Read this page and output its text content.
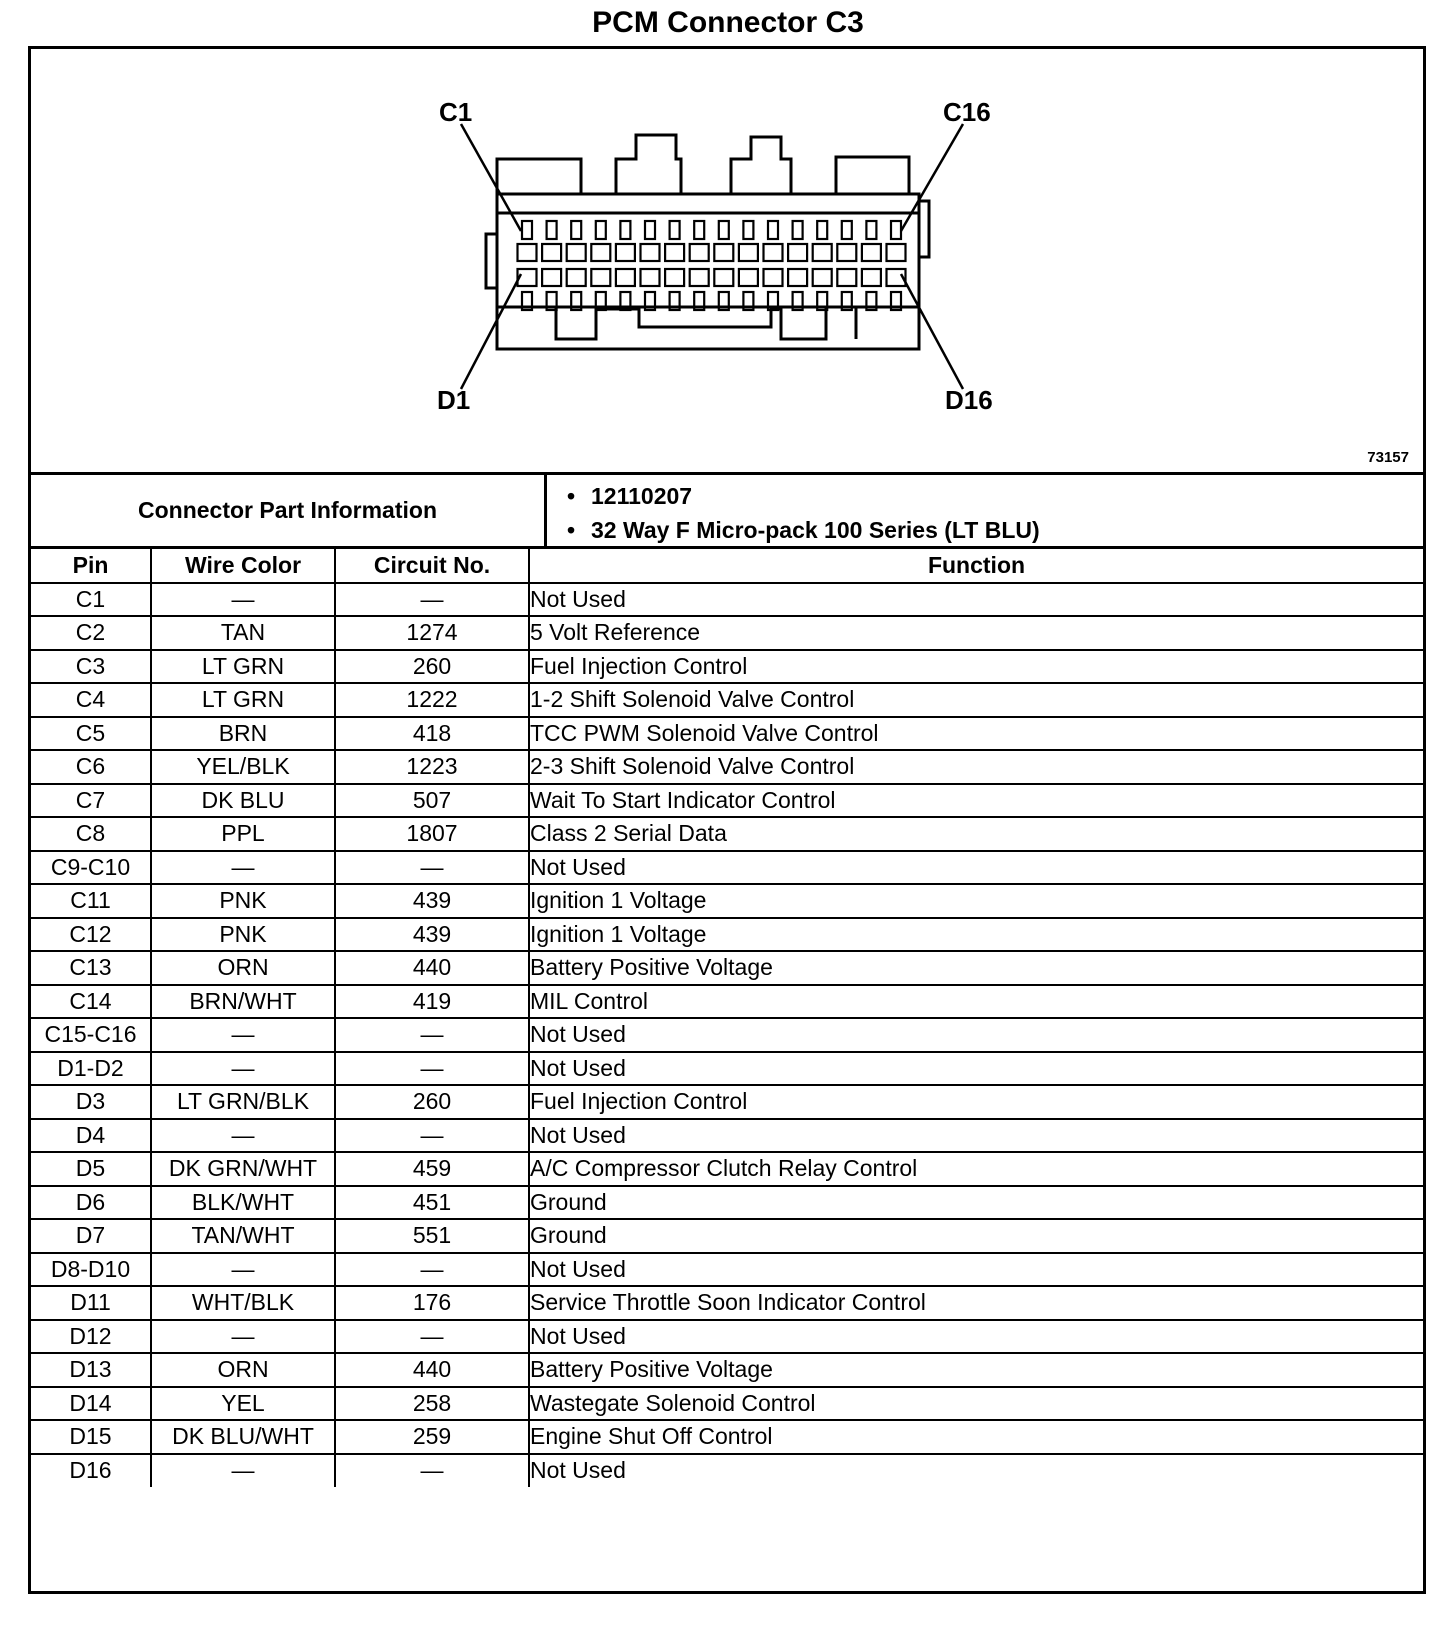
PCM Connector C3
C1	C16
D1	D16
73157
Connector Part Information
• 12110207
• 32 Way F Micro-pack 100 Series (LT BLU)
Pin	Wire Color	Circuit No.	Function
C1	—	—	Not Used
C2	TAN	1274	5 Volt Reference
C3	LT GRN	260	Fuel Injection Control
C4	LT GRN	1222	1-2 Shift Solenoid Valve Control
C5	BRN	418	TCC PWM Solenoid Valve Control
C6	YEL/BLK	1223	2-3 Shift Solenoid Valve Control
C7	DK BLU	507	Wait To Start Indicator Control
C8	PPL	1807	Class 2 Serial Data
C9-C10	—	—	Not Used
C11	PNK	439	Ignition 1 Voltage
C12	PNK	439	Ignition 1 Voltage
C13	ORN	440	Battery Positive Voltage
C14	BRN/WHT	419	MIL Control
C15-C16	—	—	Not Used
D1-D2	—	—	Not Used
D3	LT GRN/BLK	260	Fuel Injection Control
D4	—	—	Not Used
D5	DK GRN/WHT	459	A/C Compressor Clutch Relay Control
D6	BLK/WHT	451	Ground
D7	TAN/WHT	551	Ground
D8-D10	—	—	Not Used
D11	WHT/BLK	176	Service Throttle Soon Indicator Control
D12	—	—	Not Used
D13	ORN	440	Battery Positive Voltage
D14	YEL	258	Wastegate Solenoid Control
D15	DK BLU/WHT	259	Engine Shut Off Control
D16	—	—	Not Used
